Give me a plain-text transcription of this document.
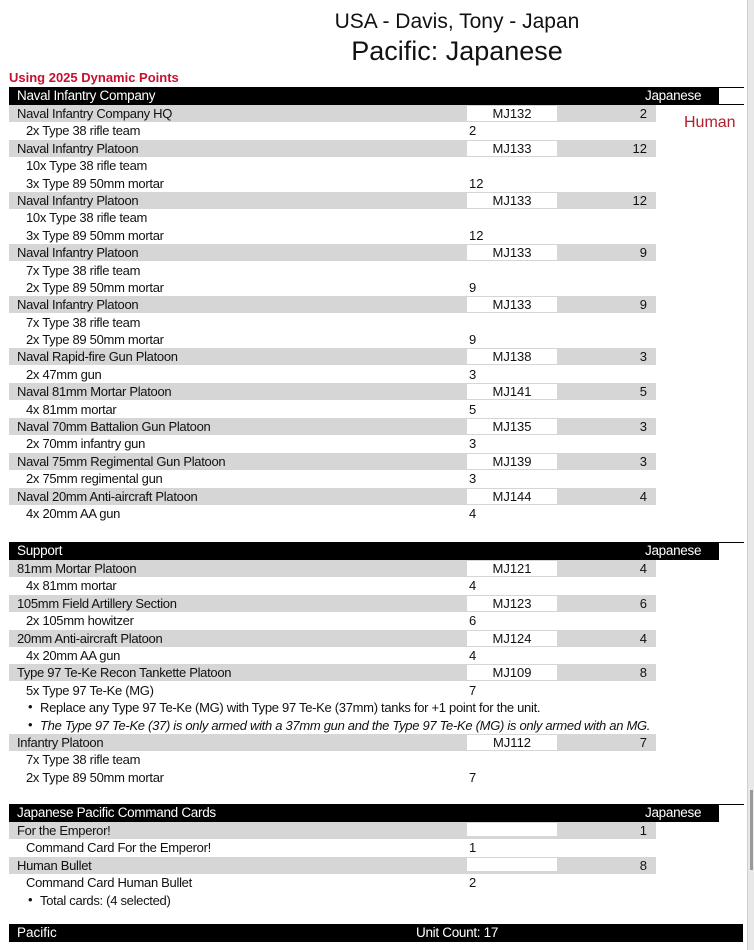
USA - Davis, Tony - Japan
Pacific: Japanese
Using 2025 Dynamic Points
Human
Naval Infantry Company	Japanese
Naval Infantry Company HQ	MJ132	2
2x Type 38 rifle team	2
Naval Infantry Platoon	MJ133	12
10x Type 38 rifle team
3x Type 89 50mm mortar	12
Naval Infantry Platoon	MJ133	12
10x Type 38 rifle team
3x Type 89 50mm mortar	12
Naval Infantry Platoon	MJ133	9
7x Type 38 rifle team
2x Type 89 50mm mortar	9
Naval Infantry Platoon	MJ133	9
7x Type 38 rifle team
2x Type 89 50mm mortar	9
Naval Rapid-fire Gun Platoon	MJ138	3
2x 47mm gun	3
Naval 81mm Mortar Platoon	MJ141	5
4x 81mm mortar	5
Naval 70mm Battalion Gun Platoon	MJ135	3
2x 70mm infantry gun	3
Naval 75mm Regimental Gun Platoon	MJ139	3
2x 75mm regimental gun	3
Naval 20mm Anti-aircraft Platoon	MJ144	4
4x 20mm AA gun	4
Support	Japanese
81mm Mortar Platoon	MJ121	4
4x 81mm mortar	4
105mm Field Artillery Section	MJ123	6
2x 105mm howitzer	6
20mm Anti-aircraft Platoon	MJ124	4
4x 20mm AA gun	4
Type 97 Te-Ke Recon Tankette Platoon	MJ109	8
5x Type 97 Te-Ke (MG)	7
• Replace any Type 97 Te-Ke (MG) with Type 97 Te-Ke (37mm) tanks for +1 point for the unit.
• The Type 97 Te-Ke (37) is only armed with a 37mm gun and the Type 97 Te-Ke (MG) is only armed with an MG.
Infantry Platoon	MJ112	7
7x Type 38 rifle team
2x Type 89 50mm mortar	7
Japanese Pacific Command Cards	Japanese
For the Emperor!	1
Command Card For the Emperor!	1
Human Bullet	8
Command Card Human Bullet	2
• Total cards: (4 selected)
Pacific	Unit Count: 17
